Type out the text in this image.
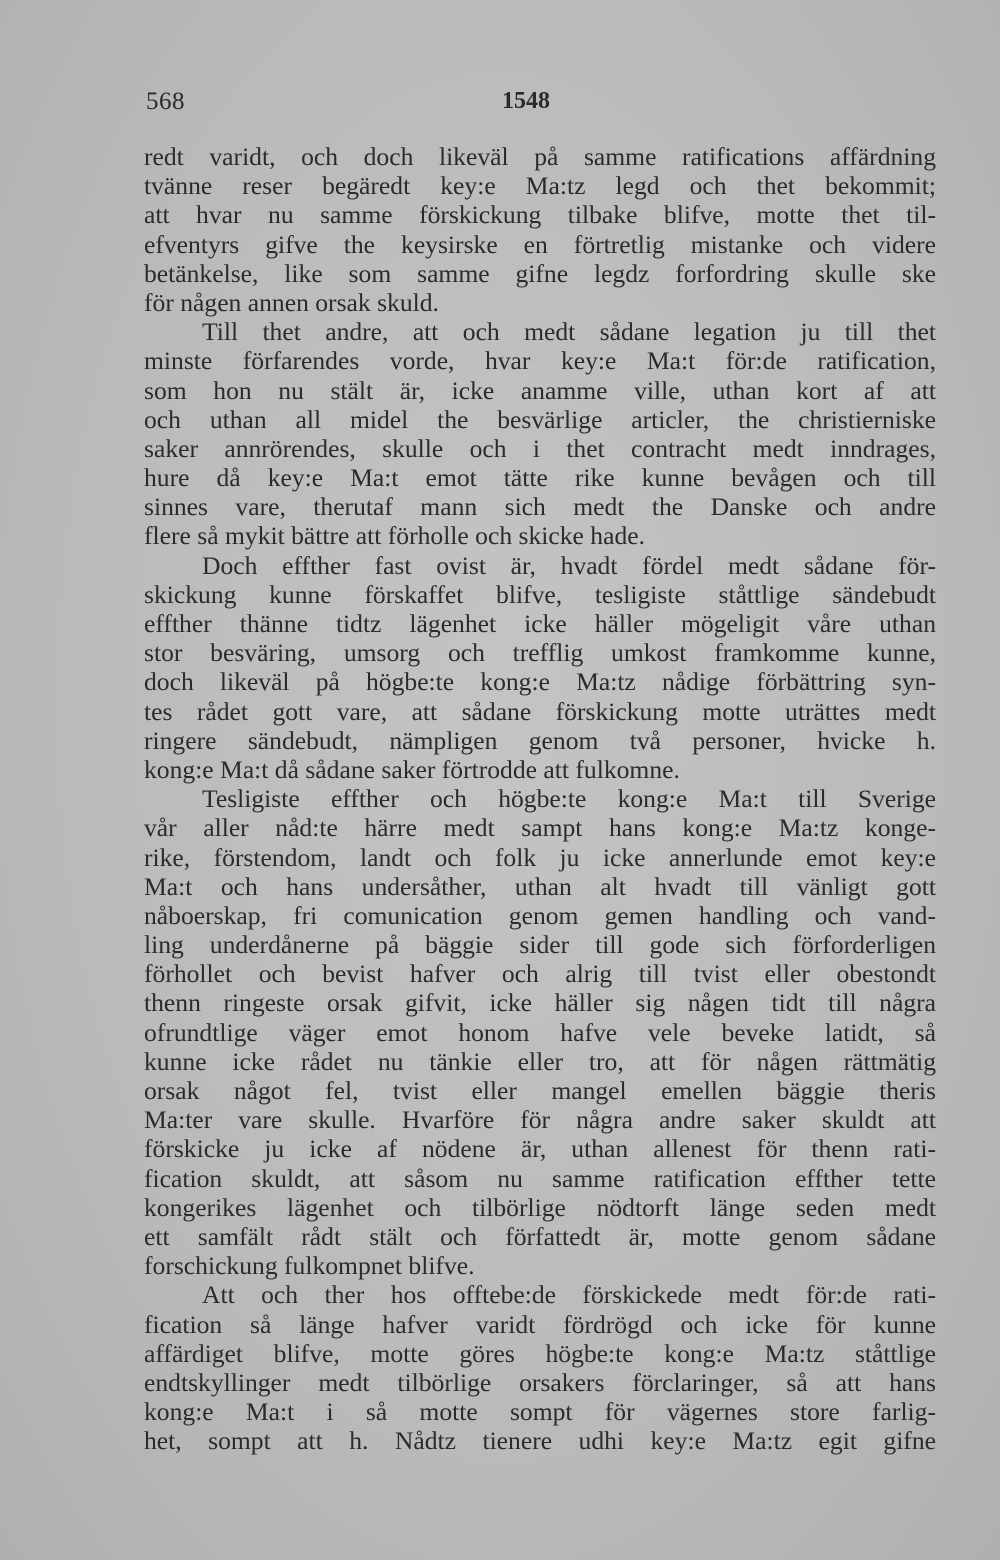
568	1548
redt varidt, och doch likeväl på samme ratifications affärdning
tvänne reser begäredt key:e Ma:tz legd och thet bekommit;
att hvar nu samme förskickung tilbake blifve, motte thet til-
efventyrs gifve the keysirske en förtretlig mistanke och videre
betänkelse, like som samme gifne legdz forfordring skulle ske
för någen annen orsak skuld.
Till thet andre, att och medt sådane legation ju till thet
minste förfarendes vorde, hvar key:e Ma:t för:de ratification,
som hon nu stält är, icke anamme ville, uthan kort af att
och uthan all midel the besvärlige articler, the christierniske
saker annrörendes, skulle och i thet contracht medt inndrages,
hure då key:e Ma:t emot tätte rike kunne bevågen och till
sinnes vare, therutaf mann sich medt the Danske och andre
flere så mykit bättre att förholle och skicke hade.
Doch effther fast ovist är, hvadt fördel medt sådane för-
skickung kunne förskaffet blifve, tesligiste ståttlige sändebudt
effther thänne tidtz lägenhet icke häller mögeligit våre uthan
stor besväring, umsorg och trefflig umkost framkomme kunne,
doch likeväl på högbe:te kong:e Ma:tz nådige förbättring syn-
tes rådet gott vare, att sådane förskickung motte uträttes medt
ringere sändebudt, nämpligen genom två personer, hvicke h.
kong:e Ma:t då sådane saker förtrodde att fulkomne.
Tesligiste effther och högbe:te kong:e Ma:t till Sverige
vår aller nåd:te härre medt sampt hans kong:e Ma:tz konge-
rike, förstendom, landt och folk ju icke annerlunde emot key:e
Ma:t och hans undersåther, uthan alt hvadt till vänligt gott
nåboerskap, fri comunication genom gemen handling och vand-
ling underdånerne på bäggie sider till gode sich förforderligen
förhollet och bevist hafver och alrig till tvist eller obestondt
thenn ringeste orsak gifvit, icke häller sig någen tidt till några
ofrundtlige väger emot honom hafve vele beveke latidt, så
kunne icke rådet nu tänkie eller tro, att för någen rättmätig
orsak något fel, tvist eller mangel emellen bäggie theris
Ma:ter vare skulle. Hvarföre för några andre saker skuldt att
förskicke ju icke af nödene är, uthan allenest för thenn rati-
fication skuldt, att såsom nu samme ratification effther tette
kongerikes lägenhet och tilbörlige nödtorft länge seden medt
ett samfält rådt stält och författedt är, motte genom sådane
forschickung fulkompnet blifve.
Att och ther hos offtebe:de förskickede medt för:de rati-
fication så länge hafver varidt fördrögd och icke för kunne
affärdiget blifve, motte göres högbe:te kong:e Ma:tz ståttlige
endtskyllinger medt tilbörlige orsakers förclaringer, så att hans
kong:e Ma:t i så motte sompt för vägernes store farlig-
het, sompt att h. Nådtz tienere udhi key:e Ma:tz egit gifne
